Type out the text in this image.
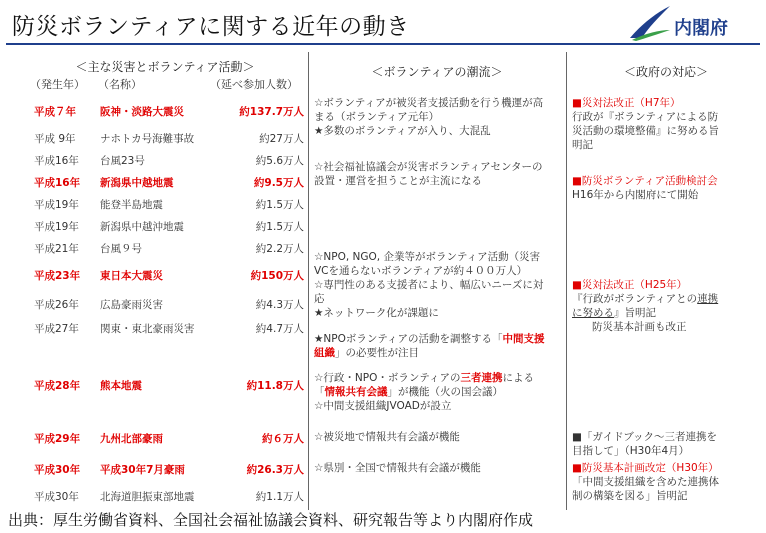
防災ボランティアに関する近年の動き	内閣府
＜主な災害とボランティア活動＞	＜ボランティアの潮流＞	＜政府の対応＞
（発生年） （名称）	（延べ参加人数）
平成７年 阪神・淡路大震災	約137.7万人
平成 9年 ナホトカ号海難事故	約27万人
平成16年 台風23号	約5.6万人
平成16年 新潟県中越地震	約9.5万人
平成19年 能登半島地震	約1.5万人
平成19年 新潟県中越沖地震	約1.5万人
平成21年 台風９号	約2.2万人
平成23年 東日本大震災	約150万人
平成26年 広島豪雨災害	約4.3万人
平成27年 関東・東北豪雨災害	約4.7万人
平成28年 熊本地震	約11.8万人
平成29年 九州北部豪雨	約６万人
平成30年 平成30年7月豪雨	約26.3万人
平成30年 北海道胆振東部地震	約1.1万人

☆ボランティアが被災者支援活動を行う機運が高

まる（ボランティア元年）

★多数のボランティアが入り、大混乱

☆社会福祉協議会が災害ボランティアセンターの

設置・運営を担うことが主流になる

☆NPO, NGO, 企業等がボランティア活動（災害

VCを通らないボランティアが約４００万人）

☆専門性のある支援者により、幅広いニーズに対

応

★ネットワーク化が課題に

★NPOボランティアの活動を調整する「中間支援

組織」の必要性が注目

☆行政・NPO・ボランティアの三者連携による

「情報共有会議」が機能（火の国会議）

☆中間支援組織JVOADが設立

☆被災地で情報共有会議が機能

☆県別・全国で情報共有会議が機能

■災対法改正（H7年）

行政が『ボランティアによる防

災活動の環境整備』に努める旨

明記

■防災ボランティア活動検討会

H16年から内閣府にて開始

■災対法改正（H25年）

『行政がボランティアとの連携

に努める』旨明記

防災基本計画も改正

■「ガイドブック～三者連携を

目指して」（H30年4月）

■防災基本計画改定（H30年）

「中間支援組織を含めた連携体

制の構築を図る」旨明記

出典：厚生労働省資料、全国社会福祉協議会資料、研究報告等より内閣府作成
